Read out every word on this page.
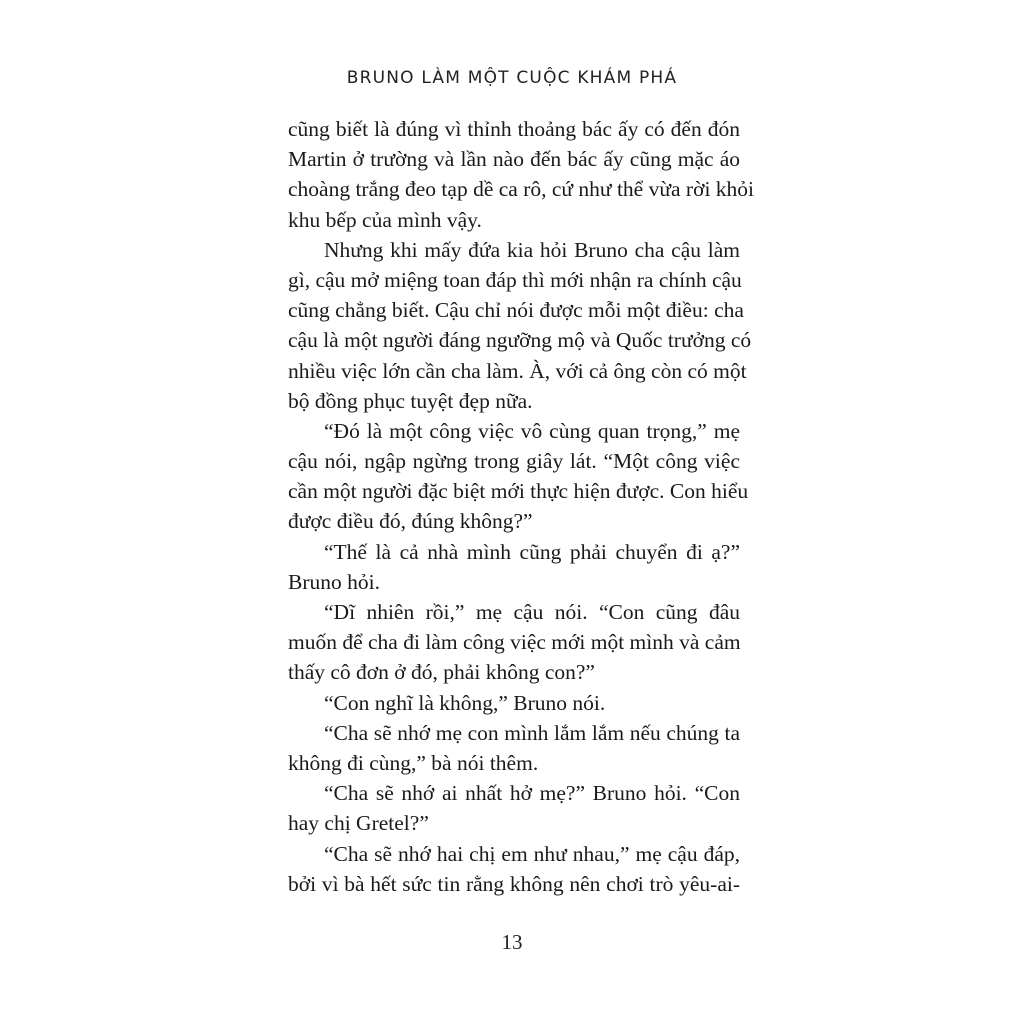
BRUNO LÀM MỘT CUỘC KHÁM PHÁ
cũng biết là đúng vì thỉnh thoảng bác ấy có đến đón
Martin ở trường và lần nào đến bác ấy cũng mặc áo
choàng trắng đeo tạp dề ca rô, cứ như thể vừa rời khỏi
khu bếp của mình vậy.
Nhưng khi mấy đứa kia hỏi Bruno cha cậu làm
gì, cậu mở miệng toan đáp thì mới nhận ra chính cậu
cũng chẳng biết. Cậu chỉ nói được mỗi một điều: cha
cậu là một người đáng ngưỡng mộ và Quốc trưởng có
nhiều việc lớn cần cha làm. À, với cả ông còn có một
bộ đồng phục tuyệt đẹp nữa.
“Đó là một công việc vô cùng quan trọng,” mẹ
cậu nói, ngập ngừng trong giây lát. “Một công việc
cần một người đặc biệt mới thực hiện được. Con hiểu
được điều đó, đúng không?”
“Thế là cả nhà mình cũng phải chuyển đi ạ?”
Bruno hỏi.
“Dĩ nhiên rồi,” mẹ cậu nói. “Con cũng đâu
muốn để cha đi làm công việc mới một mình và cảm
thấy cô đơn ở đó, phải không con?”
“Con nghĩ là không,” Bruno nói.
“Cha sẽ nhớ mẹ con mình lắm lắm nếu chúng ta
không đi cùng,” bà nói thêm.
“Cha sẽ nhớ ai nhất hở mẹ?” Bruno hỏi. “Con
hay chị Gretel?”
“Cha sẽ nhớ hai chị em như nhau,” mẹ cậu đáp,
bởi vì bà hết sức tin rằng không nên chơi trò yêu-ai-
13
